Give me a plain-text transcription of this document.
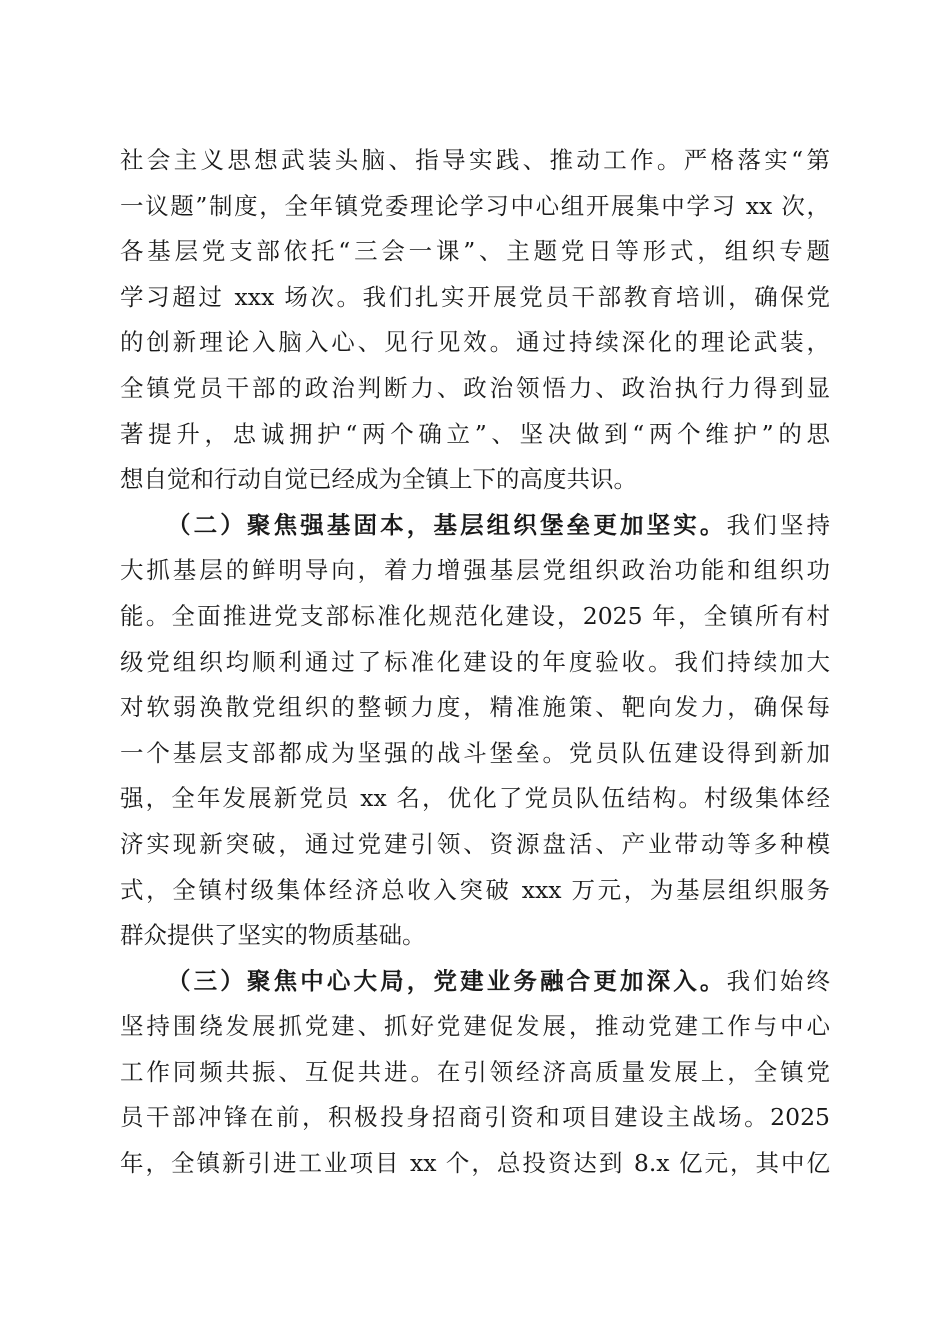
社会主义思想武装头脑、指导实践、推动工作。严格落实“第
一议题”制度，全年镇党委理论学习中心组开展集中学习 xx 次，
各基层党支部依托“三会一课”、主题党日等形式，组织专题
学习超过 xxx 场次。我们扎实开展党员干部教育培训，确保党
的创新理论入脑入心、见行见效。通过持续深化的理论武装，
全镇党员干部的政治判断力、政治领悟力、政治执行力得到显
著提升，忠诚拥护“两个确立”、坚决做到“两个维护”的思
想自觉和行动自觉已经成为全镇上下的高度共识。

（二）聚焦强基固本，基层组织堡垒更加坚实。我们坚持
大抓基层的鲜明导向，着力增强基层党组织政治功能和组织功
能。全面推进党支部标准化规范化建设，2025 年，全镇所有村
级党组织均顺利通过了标准化建设的年度验收。我们持续加大
对软弱涣散党组织的整顿力度，精准施策、靶向发力，确保每
一个基层支部都成为坚强的战斗堡垒。党员队伍建设得到新加
强，全年发展新党员 xx 名，优化了党员队伍结构。村级集体经
济实现新突破，通过党建引领、资源盘活、产业带动等多种模
式，全镇村级集体经济总收入突破 xxx 万元，为基层组织服务
群众提供了坚实的物质基础。

（三）聚焦中心大局，党建业务融合更加深入。我们始终
坚持围绕发展抓党建、抓好党建促发展，推动党建工作与中心
工作同频共振、互促共进。在引领经济高质量发展上，全镇党
员干部冲锋在前，积极投身招商引资和项目建设主战场。2025
年，全镇新引进工业项目 xx 个，总投资达到 8.x 亿元，其中亿
